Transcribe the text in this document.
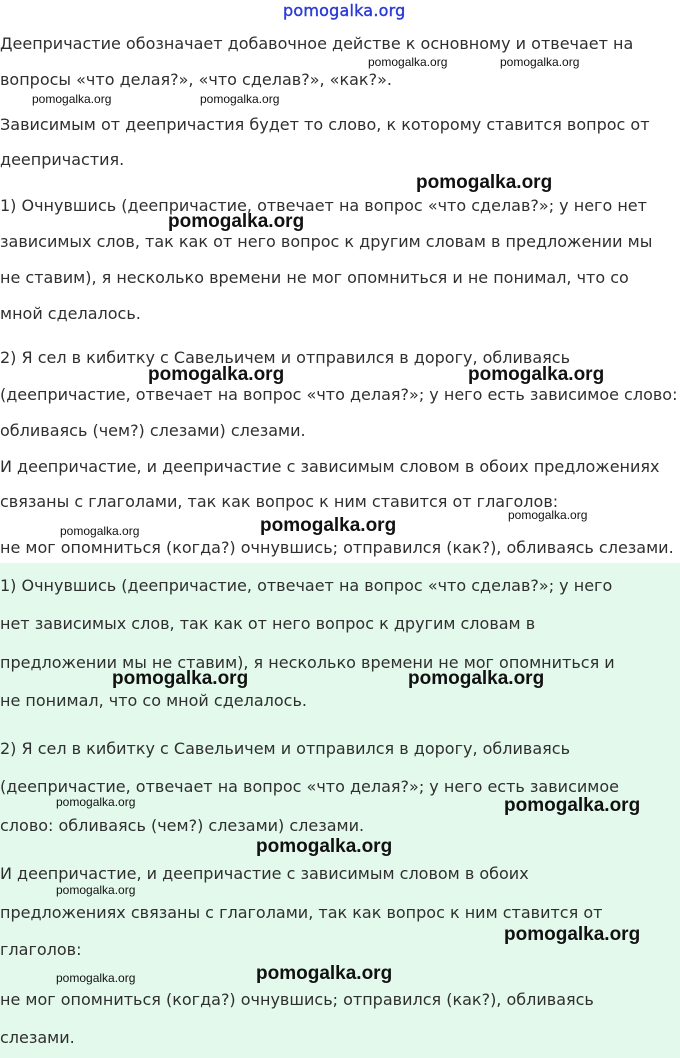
pomogalka.org

Деепричастие обозначает добавочное действе к основному и отвечает на

вопросы «что делая?», «что сделав?», «как?».

Зависимым от деепричастия будет то слово, к которому ставится вопрос от

деепричастия.

1) Очнувшись (деепричастие, отвечает на вопрос «что сделав?»; у него нет

зависимых слов, так как от него вопрос к другим словам в предложении мы

не ставим), я несколько времени не мог опомниться и не понимал, что со

мной сделалось.

2) Я сел в кибитку с Савельичем и отправился в дорогу, обливаясь

(деепричастие, отвечает на вопрос «что делая?»; у него есть зависимое слово:

обливаясь (чем?) слезами) слезами.

И деепричастие, и деепричастие с зависимым словом в обоих предложениях

связаны с глаголами, так как вопрос к ним ставится от глаголов:

не мог опомниться (когда?) очнувшись; отправился (как?), обливаясь слезами.

1) Очнувшись (деепричастие, отвечает на вопрос «что сделав?»; у него

нет зависимых слов, так как от него вопрос к другим словам в

предложении мы не ставим), я несколько времени не мог опомниться и

не понимал, что со мной сделалось.

2) Я сел в кибитку с Савельичем и отправился в дорогу, обливаясь

(деепричастие, отвечает на вопрос «что делая?»; у него есть зависимое

слово: обливаясь (чем?) слезами) слезами.

И деепричастие, и деепричастие с зависимым словом в обоих

предложениях связаны с глаголами, так как вопрос к ним ставится от

глаголов:

не мог опомниться (когда?) очнувшись; отправился (как?), обливаясь

слезами.

pomogalka.org	pomogalka.org
pomogalka.org	pomogalka.org
pomogalka.org
pomogalka.org
pomogalka.org	pomogalka.org
pomogalka.org
pomogalka.org	pomogalka.org
pomogalka.org	pomogalka.org
pomogalka.org	pomogalka.org
pomogalka.org
pomogalka.org
pomogalka.org
pomogalka.org	pomogalka.org
